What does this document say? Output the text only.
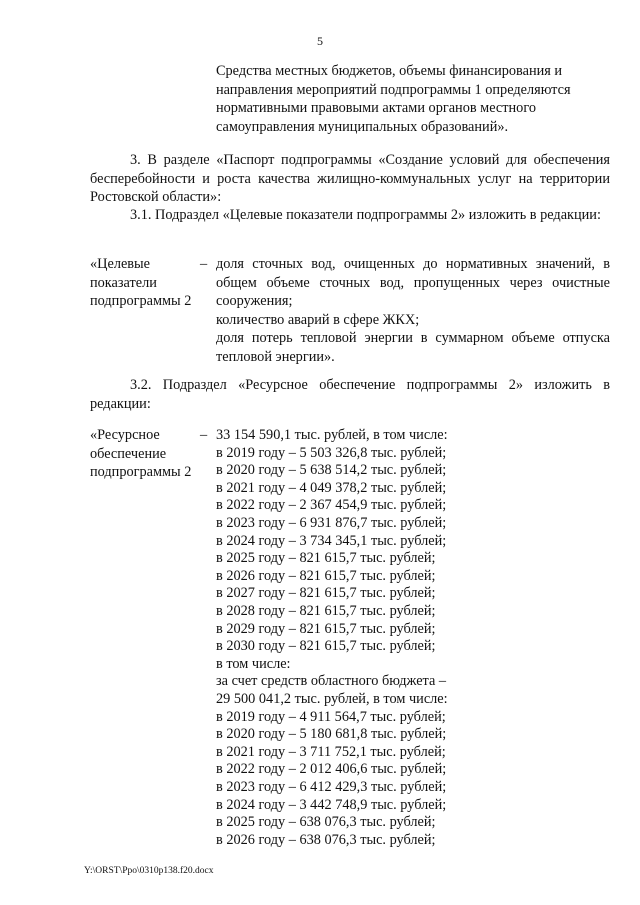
5
Средства местных бюджетов, объемы финансирования и
направления мероприятий подпрограммы 1 определяются
нормативными правовыми актами органов местного
самоуправления муниципальных образований».
3. В разделе «Паспорт подпрограммы «Создание условий для обеспечения бесперебойности и роста качества жилищно-коммунальных услуг на территории Ростовской области»:
3.1. Подраздел «Целевые показатели подпрограммы 2» изложить в редакции:
«Целевые
показатели
подпрограммы 2
– доля сточных вод, очищенных до нормативных значений, в общем объеме сточных вод, пропущенных через очистные сооружения;
количество аварий в сфере ЖКХ;
доля потерь тепловой энергии в суммарном объеме отпуска тепловой энергии».
3.2. Подраздел «Ресурсное обеспечение подпрограммы 2» изложить в редакции:
«Ресурсное
обеспечение
подпрограммы 2
– 33 154 590,1 тыс. рублей, в том числе:
в 2019 году – 5 503 326,8 тыс. рублей;
в 2020 году – 5 638 514,2 тыс. рублей;
в 2021 году – 4 049 378,2 тыс. рублей;
в 2022 году – 2 367 454,9 тыс. рублей;
в 2023 году – 6 931 876,7 тыс. рублей;
в 2024 году – 3 734 345,1 тыс. рублей;
в 2025 году – 821 615,7 тыс. рублей;
в 2026 году – 821 615,7 тыс. рублей;
в 2027 году – 821 615,7 тыс. рублей;
в 2028 году – 821 615,7 тыс. рублей;
в 2029 году – 821 615,7 тыс. рублей;
в 2030 году – 821 615,7 тыс. рублей;
в том числе:
за счет средств областного бюджета –
29 500 041,2 тыс. рублей, в том числе:
в 2019 году – 4 911 564,7 тыс. рублей;
в 2020 году – 5 180 681,8 тыс. рублей;
в 2021 году – 3 711 752,1 тыс. рублей;
в 2022 году – 2 012 406,6 тыс. рублей;
в 2023 году – 6 412 429,3 тыс. рублей;
в 2024 году – 3 442 748,9 тыс. рублей;
в 2025 году – 638 076,3 тыс. рублей;
в 2026 году – 638 076,3 тыс. рублей;
Y:\ORST\Ppo\0310p138.f20.docx
